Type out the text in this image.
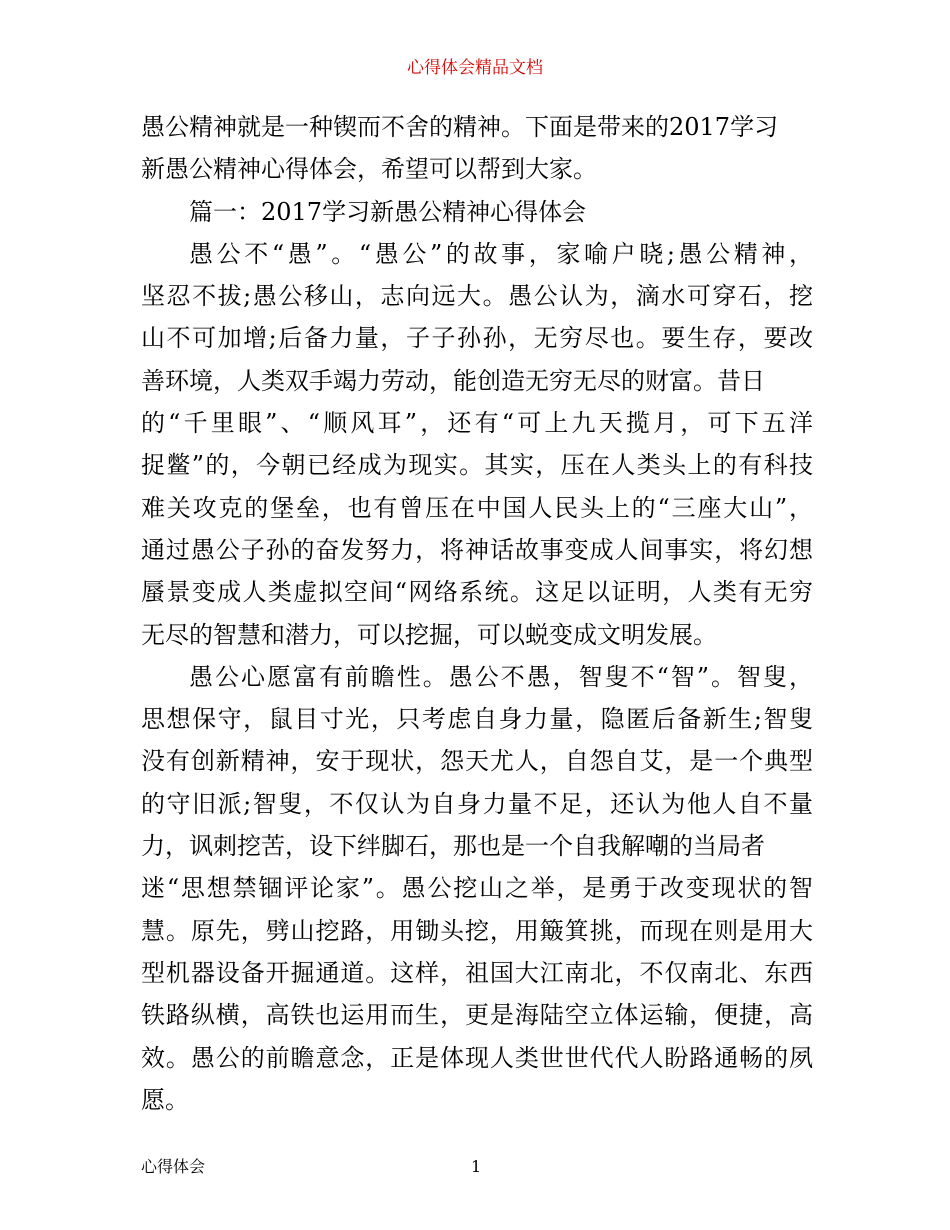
心得体会精品文档
愚公精神就是一种锲而不舍的精神。下面是带来的2017学习
新愚公精神心得体会，希望可以帮到大家。
篇一：2017学习新愚公精神心得体会
愚公不“愚”。“愚公”的故事，家喻户晓;愚公精神，
坚忍不拔;愚公移山，志向远大。愚公认为，滴水可穿石，挖
山不可加增;后备力量，子子孙孙，无穷尽也。要生存，要改
善环境，人类双手竭力劳动，能创造无穷无尽的财富。昔日
的“千里眼”、“顺风耳”，还有“可上九天揽月，可下五洋
捉鳖”的，今朝已经成为现实。其实，压在人类头上的有科技
难关攻克的堡垒，也有曾压在中国人民头上的“三座大山”，
通过愚公子孙的奋发努力，将神话故事变成人间事实，将幻想
蜃景变成人类虚拟空间“网络系统。这足以证明，人类有无穷
无尽的智慧和潜力，可以挖掘，可以蜕变成文明发展。
愚公心愿富有前瞻性。愚公不愚，智叟不“智”。智叟，
思想保守，鼠目寸光，只考虑自身力量，隐匿后备新生;智叟
没有创新精神，安于现状，怨天尤人，自怨自艾，是一个典型
的守旧派;智叟，不仅认为自身力量不足，还认为他人自不量
力，讽刺挖苦，设下绊脚石，那也是一个自我解嘲的当局者
迷“思想禁锢评论家”。愚公挖山之举，是勇于改变现状的智
慧。原先，劈山挖路，用锄头挖，用簸箕挑，而现在则是用大
型机器设备开掘通道。这样，祖国大江南北，不仅南北、东西
铁路纵横，高铁也运用而生，更是海陆空立体运输，便捷，高
效。愚公的前瞻意念，正是体现人类世世代代人盼路通畅的夙
愿。
心得体会	1
